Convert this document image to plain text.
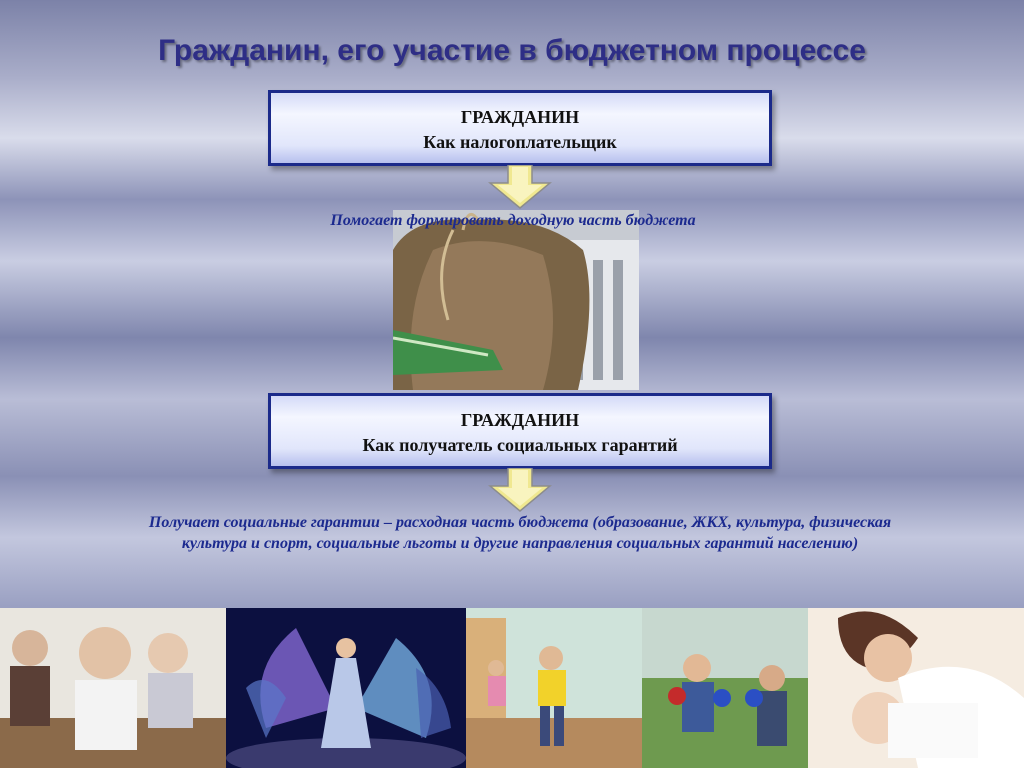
Гражданин, его участие в бюджетном процессе
ГРАЖДАНИН
Как налогоплательщик
Помогает формировать доходную часть бюджета
ГРАЖДАНИН
Как получатель социальных гарантий
Получает социальные гарантии – расходная часть бюджета (образование, ЖКХ, культура, физическая культура и спорт, социальные льготы и другие направления социальных гарантий населению)
